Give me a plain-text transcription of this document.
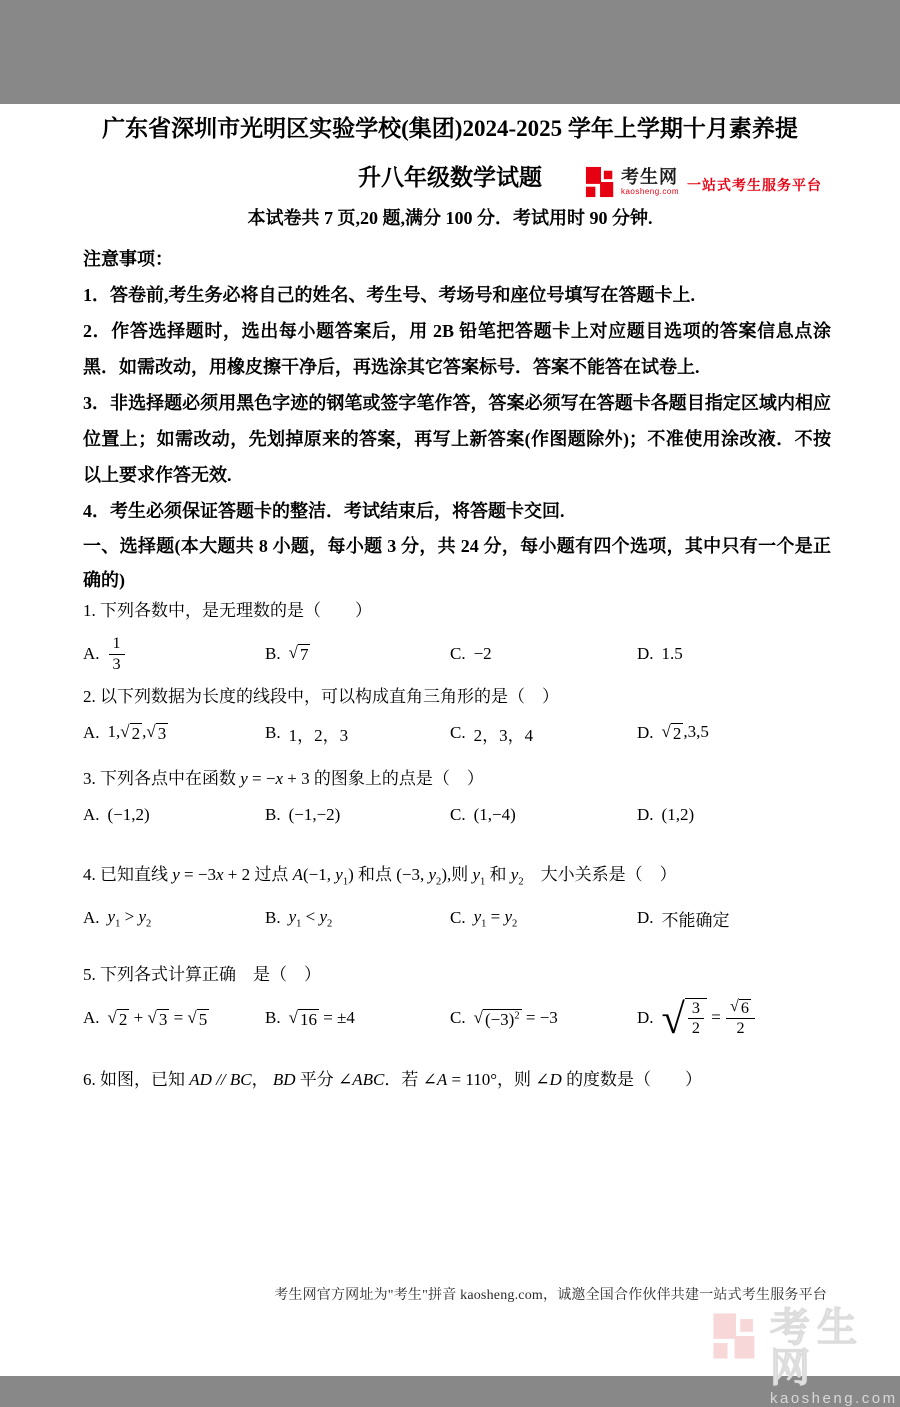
考生网
kaosheng.com 一站式考生服务平台
广东省深圳市光明区实验学校(集团)2024-2025 学年上学期十月素养提
升八年级数学试题
本试卷共 7 页,20 题,满分 100 分．考试用时 90 分钟.
注意事项：
1．答卷前,考生务必将自己的姓名、考生号、考场号和座位号填写在答题卡上.
2．作答选择题时，选出每小题答案后，用 2B 铅笔把答题卡上对应题目选项的答案信息点涂黑．如需改动，用橡皮擦干净后，再选涂其它答案标号．答案不能答在试卷上.
3．非选择题必须用黑色字迹的钢笔或签字笔作答，答案必须写在答题卡各题目指定区域内相应位置上；如需改动，先划掉原来的答案，再写上新答案(作图题除外)；不准使用涂改液．不按以上要求作答无效.
4．考生必须保证答题卡的整洁．考试结束后，将答题卡交回.
一、选择题(本大题共 8 小题，每小题 3 分，共 24 分，每小题有四个选项，其中只有一个是正确的)
1. 下列各数中，是无理数的是（　　）
A. $\frac{1}{3}$	B. √ 7	C. −2	D. 1.5
2. 以下列数据为长度的线段中，可以构成直角三角形的是（　）
A. 1, √ 2 , √ 3	B. 1，2，3	C. 2，3，4	D. √ 2 ,3,5
3. 下列各点中在函数 y = −x + 3 的图象上的点是（　）
A. (−1,2)	B. (−1,−2)	C. (1,−4)	D. (1,2)
4. 已知直线 y = −3x + 2 过点 A(−1, $y_1$) 和点 (−3, $y_2$),则 $y_1$ 和 $y_2$　大小关系是（　）
A. $y_1 > y_2$	B. $y_1 < y_2$	C. $y_1 = y_2$	D. 不能确定
5. 下列各式计算正确　是（　）
A. √ 2 + √ 3 = √ 5	B. √ 16 = ±4	C. √ $(-3)^2 = -3$	D. √ $\frac{3}{2} = \frac{√ 6}{2}$
6. 如图，已知 AD // BC， BD 平分 ∠ABC．若 ∠A = 110°，则 ∠D 的度数是（　　）
考生网官方网址为"考生"拼音 kaosheng.com，诚邀全国合作伙伴共建一站式考生服务平台
考生网
kaosheng.com
